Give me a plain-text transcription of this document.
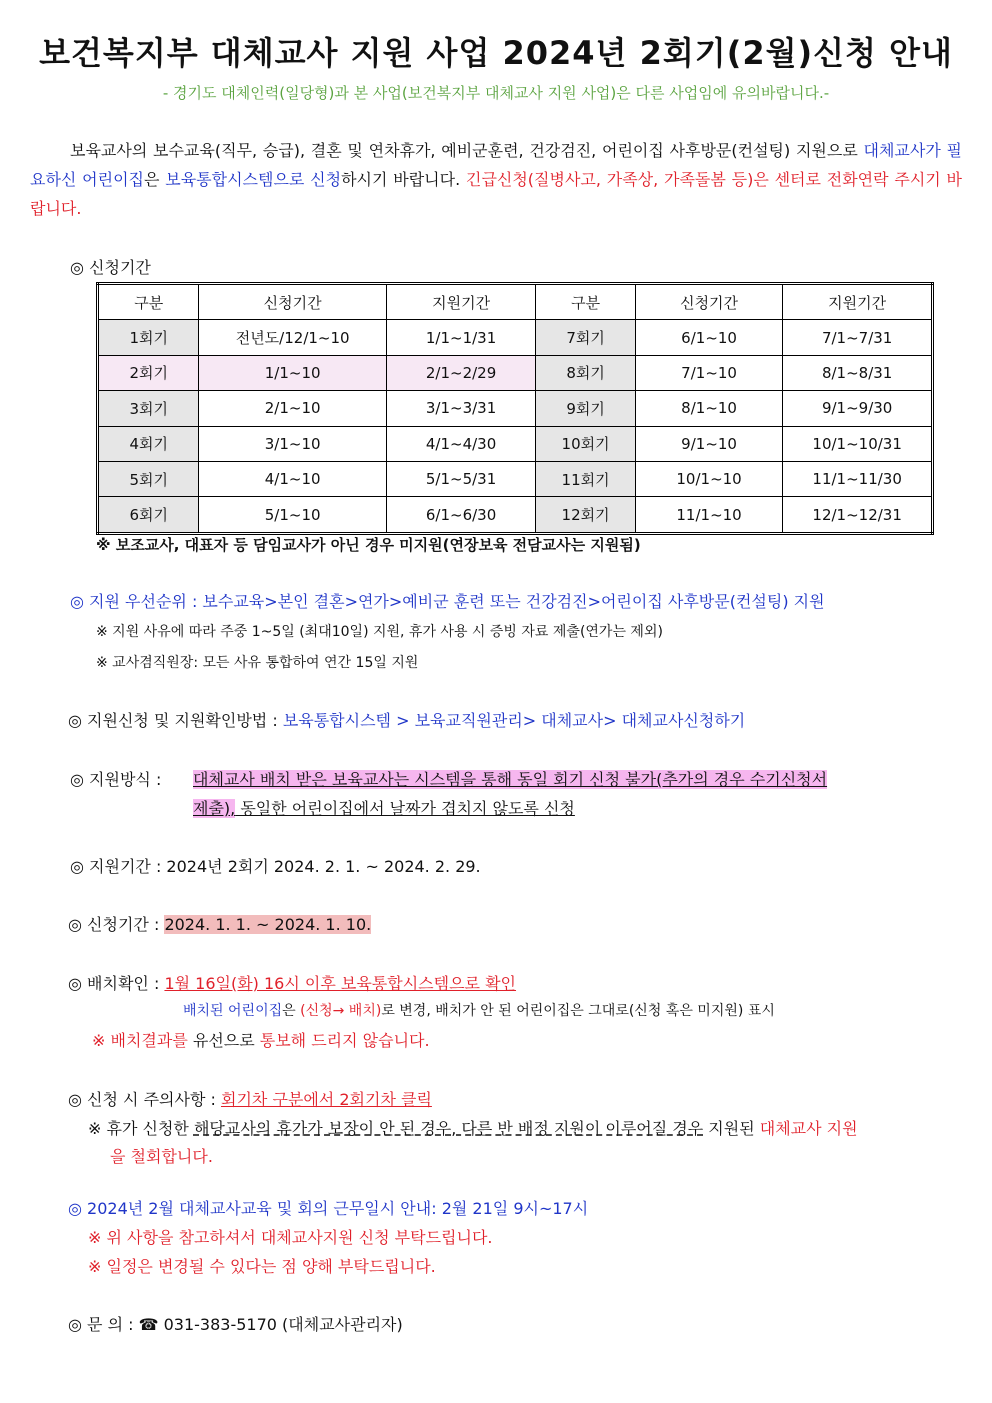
보건복지부 대체교사 지원 사업 2024년 2회기(2월)신청 안내
- 경기도 대체인력(일당형)과 본 사업(보건복지부 대체교사 지원 사업)은 다른 사업임에 유의바랍니다.-
보육교사의 보수교육(직무, 승급), 결혼 및 연차휴가, 예비군훈련, 건강검진, 어린이집 사후방문(컨설팅) 지원으로 대체교사가 필요하신 어린이집은 보육통합시스템으로 신청하시기 바랍니다. 긴급신청(질병사고, 가족상, 가족돌봄 등)은 센터로 전화연락 주시기 바랍니다.
◎ 신청기간
구분	신청기간	지원기간	구분	신청기간	지원기간
1회기	전년도/12/1~10	1/1~1/31	7회기	6/1~10	7/1~7/31
2회기	1/1~10	2/1~2/29	8회기	7/1~10	8/1~8/31
3회기	2/1~10	3/1~3/31	9회기	8/1~10	9/1~9/30
4회기	3/1~10	4/1~4/30	10회기	9/1~10	10/1~10/31
5회기	4/1~10	5/1~5/31	11회기	10/1~10	11/1~11/30
6회기	5/1~10	6/1~6/30	12회기	11/1~10	12/1~12/31
※ 보조교사, 대표자 등 담임교사가 아닌 경우 미지원(연장보육 전담교사는 지원됨)
◎ 지원 우선순위 : 보수교육>본인 결혼>연가>예비군 훈련 또는 건강검진>어린이집 사후방문(컨설팅) 지원
※ 지원 사유에 따라 주중 1~5일 (최대10일) 지원, 휴가 사용 시 증빙 자료 제출(연가는 제외)
※ 교사겸직원장: 모든 사유 통합하여 연간 15일 지원
◎ 지원신청 및 지원확인방법 : 보육통합시스템 > 보육교직원관리> 대체교사> 대체교사신청하기
◎ 지원방식 : 대체교사 배치 받은 보육교사는 시스템을 통해 동일 회기 신청 불가(추가의 경우 수기신청서
제출), 동일한 어린이집에서 날짜가 겹치지 않도록 신청
◎ 지원기간 : 2024년 2회기 2024. 2. 1. ~ 2024. 2. 29.
◎ 신청기간 : 2024. 1. 1. ~ 2024. 1. 10.
◎ 배치확인 : 1월 16일(화) 16시 이후 보육통합시스템으로 확인
배치된 어린이집은 (신청→ 배치)로 변경, 배치가 안 된 어린이집은 그대로(신청 혹은 미지원) 표시
※ 배치결과를 유선으로 통보해 드리지 않습니다.
◎ 신청 시 주의사항 : 회기차 구분에서 2회기차 클릭
※ 휴가 신청한 해당교사의 휴가가 보장이 안 된 경우, 다른 반 배정 지원이 이루어질 경우 지원된 대체교사 지원
을 철회합니다.
◎ 2024년 2월 대체교사교육 및 회의 근무일시 안내: 2월 21일 9시~17시
※ 위 사항을 참고하셔서 대체교사지원 신청 부탁드립니다.
※ 일정은 변경될 수 있다는 점 양해 부탁드립니다.
◎ 문 의 : ☎ 031-383-5170 (대체교사관리자)
